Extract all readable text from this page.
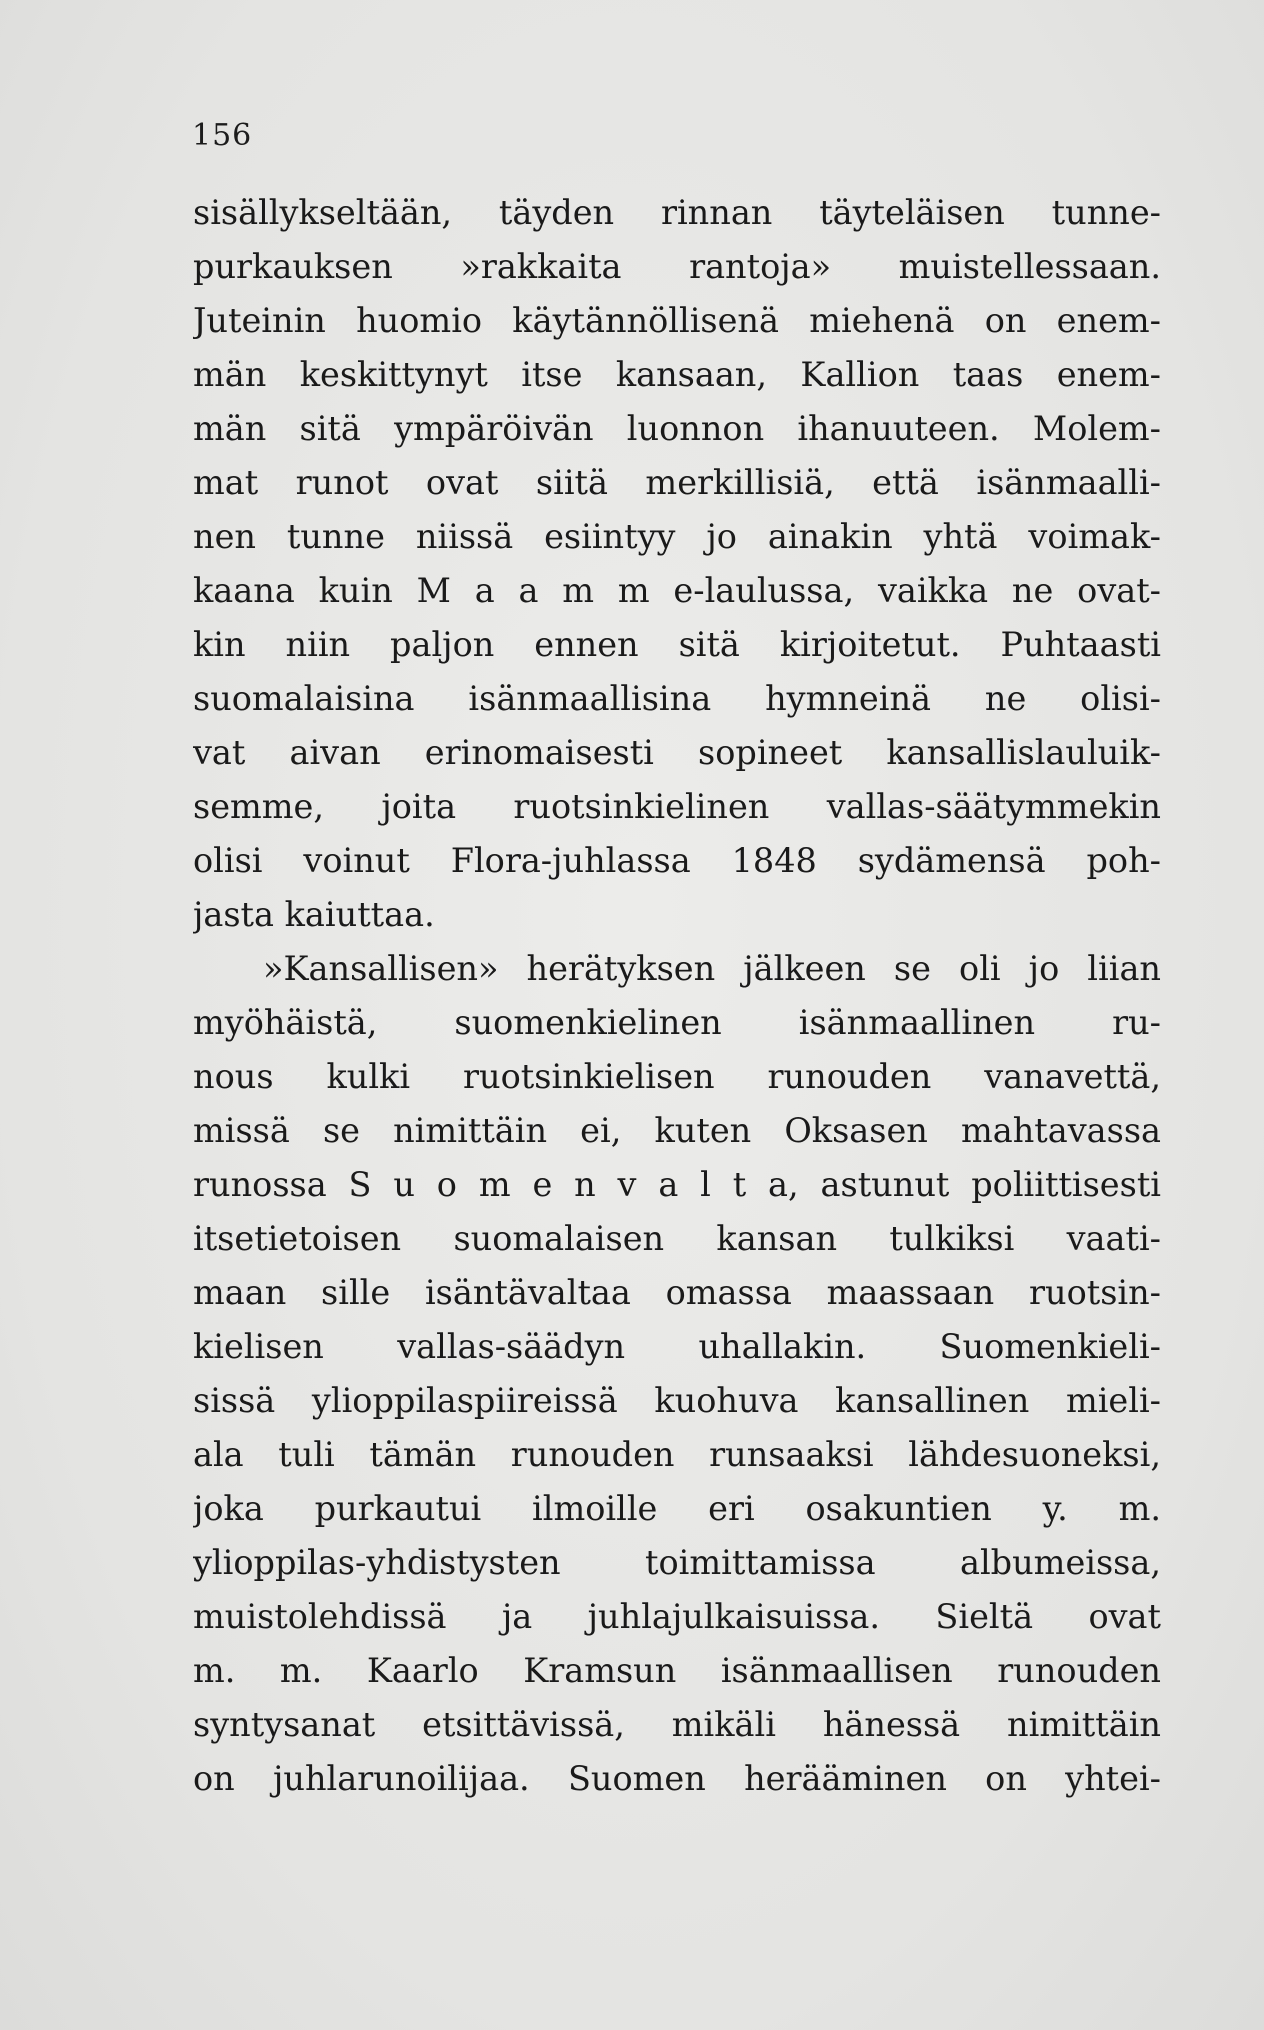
156
sisällykseltään, täyden rinnan täyteläisen tunne-
purkauksen »rakkaita rantoja» muistellessaan.
Juteinin huomio käytännöllisenä miehenä on enem-
män keskittynyt itse kansaan, Kallion taas enem-
män sitä ympäröivän luonnon ihanuuteen. Molem-
mat runot ovat siitä merkillisiä, että isänmaalli-
nen tunne niissä esiintyy jo ainakin yhtä voimak-
kaana kuin M a a m m e-laulussa, vaikka ne ovat-
kin niin paljon ennen sitä kirjoitetut. Puhtaasti
suomalaisina isänmaallisina hymneinä ne olisi-
vat aivan erinomaisesti sopineet kansallislauluik-
semme, joita ruotsinkielinen vallas-säätymmekin
olisi voinut Flora-juhlassa 1848 sydämensä poh-
jasta kaiuttaa.
»Kansallisen» herätyksen jälkeen se oli jo liian
myöhäistä, suomenkielinen isänmaallinen ru-
nous kulki ruotsinkielisen runouden vanavettä,
missä se nimittäin ei, kuten Oksasen mahtavassa
runossa S u o m e n v a l t a, astunut poliittisesti
itsetietoisen suomalaisen kansan tulkiksi vaati-
maan sille isäntävaltaa omassa maassaan ruotsin-
kielisen vallas-säädyn uhallakin. Suomenkieli-
sissä ylioppilaspiireissä kuohuva kansallinen mieli-
ala tuli tämän runouden runsaaksi lähdesuoneksi,
joka purkautui ilmoille eri osakuntien y. m.
ylioppilas-yhdistysten toimittamissa albumeissa,
muistolehdissä ja juhlajulkaisuissa. Sieltä ovat
m. m. Kaarlo Kramsun isänmaallisen runouden
syntysanat etsittävissä, mikäli hänessä nimittäin
on juhlarunoilijaa. Suomen herääminen on yhtei-
